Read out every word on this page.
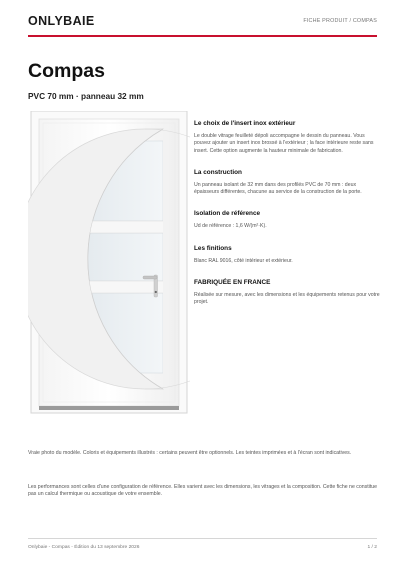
ONLYBAIE	FICHE PRODUIT / COMPAS
Compas
PVC 70 mm · panneau 32 mm
Le choix de l'insert inox extérieur
Le double vitrage feuilleté dépoli accompagne le dessin du panneau. Vous pouvez ajouter un insert inox brossé à l'extérieur ; la face intérieure reste sans insert. Cette option augmente la hauteur minimale de fabrication.
La construction
Un panneau isolant de 32 mm dans des profilés PVC de 70 mm : deux épaisseurs différentes, chacune au service de la construction de la porte.
Isolation de référence
Ud de référence : 1,6 W/(m²·K).
Les finitions
Blanc RAL 9016, côté intérieur et extérieur.
FABRIQUÉE EN FRANCE
Réalisée sur mesure, avec les dimensions et les équipements retenus pour votre projet.
Vraie photo du modèle. Coloris et équipements illustrés : certains peuvent être optionnels. Les teintes imprimées et à l'écran sont indicatives.
Les performances sont celles d'une configuration de référence. Elles varient avec les dimensions, les vitrages et la composition. Cette fiche ne constitue pas un calcul thermique ou acoustique de votre ensemble.
Onlybaie - Compas - Édition du 13 septembre 2026	1 / 2
